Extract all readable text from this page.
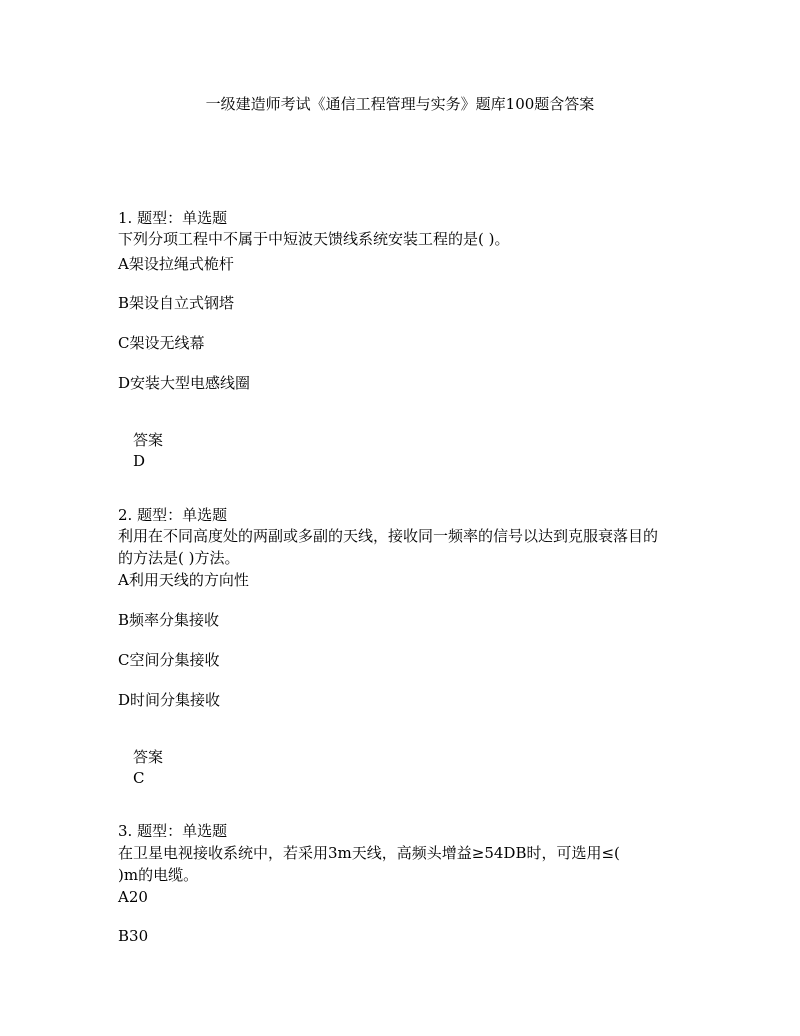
一级建造师考试《通信工程管理与实务》题库100题含答案
1. 题型：单选题
下列分项工程中不属于中短波天馈线系统安装工程的是( )。
A架设拉绳式桅杆
B架设自立式钢塔
C架设无线幕
D安装大型电感线圈
答案
D
2. 题型：单选题
利用在不同高度处的两副或多副的天线，接收同一频率的信号以达到克服衰落目的
的方法是( )方法。
A利用天线的方向性
B频率分集接收
C空间分集接收
D时间分集接收
答案
C
3. 题型：单选题
在卫星电视接收系统中，若采用3m天线，高频头增益≥54DB时，可选用≤(
)m的电缆。
A20
B30
